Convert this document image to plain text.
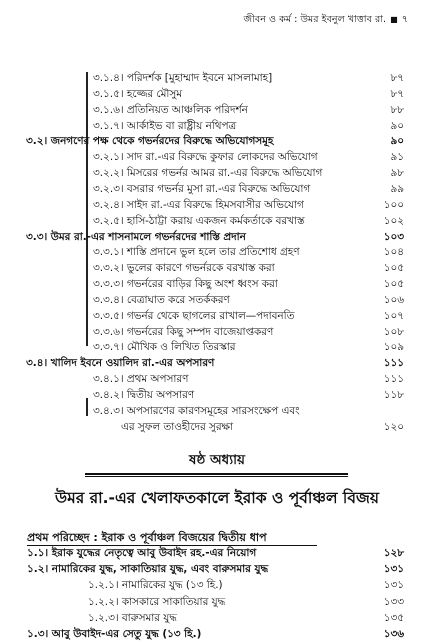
জীবন ও কর্ম : উমর ইবনুল খাত্তাব রা. ■ ৭
৩.১.৪। পরিদর্শক [মুহাম্মাদ ইবনে মাসলামাহ]	৮৭
৩.১.৫। হজ্জের মৌসুম	৮৭
৩.১.৬। প্রতিনিয়ত আঞ্চলিক পরিদর্শন	৮৮
৩.১.৭। আর্কাইভ বা রাষ্ট্রীয় নথিপত্র	৯০
৩.২। জনগণের পক্ষ থেকে গভর্নরদের বিরুদ্ধে অভিযোগসমূহ	৯০
৩.২.১। সাদ রা.-এর বিরুদ্ধে কুফার লোকদের অভিযোগ	৯১
৩.২.২। মিসরের গভর্নর আমর রা.-এর বিরুদ্ধে অভিযোগ	৯৮
৩.২.৩। বসরার গভর্নর মুসা রা.-এর বিরুদ্ধে অভিযোগ	৯৯
৩.২.৪। সাইদ রা.-এর বিরুদ্ধে হিমসবাসীর অভিযোগ	১০০
৩.২.৫। হাসি-ঠাট্টা করায় একজন কর্মকর্তাকে বরখাস্ত	১০২
৩.৩। উমর রা.-এর শাসনামলে গভর্নরদের শাস্তি প্রদান	১০৩
৩.৩.১। শাস্তি প্রদানে ভুল হলে তার প্রতিশোধ গ্রহণ	১০৪
৩.৩.২। ভুলের কারণে গভর্নরকে বরখাস্ত করা	১০৫
৩.৩.৩। গভর্নরের বাড়ির কিছু অংশ ধ্বংস করা	১০৫
৩.৩.৪। বেত্রাঘাত করে সতর্ককরণ	১০৬
৩.৩.৫। গভর্নর থেকে ছাগলের রাখাল—পদাবনতি	১০৭
৩.৩.৬। গভর্নরের কিছু সম্পদ বাজেয়াপ্তকরণ	১০৮
৩.৩.৭। মৌখিক ও লিখিত তিরস্কার	১০৯
৩.৪। খালিদ ইবনে ওয়ালিদ রা.-এর অপসারণ	১১১
৩.৪.১। প্রথম অপসারণ	১১১
৩.৪.২। দ্বিতীয় অপসারণ	১১৮
৩.৪.৩। অপসারণের কারণসমূহের সারসংক্ষেপ এবং
এর সুফল তাওহীদের সুরক্ষা	১২০
ষষ্ঠ অধ্যায়
উমর রা.-এর খেলাফতকালে ইরাক ও পূর্বাঞ্চল বিজয়
প্রথম পরিচ্ছেদ : ইরাক ও পূর্বাঞ্চল বিজয়ের দ্বিতীয় ধাপ
১.১। ইরাক যুদ্ধের নেতৃত্বে আবু উবাইদ রহ.-এর নিয়োগ	১২৮
১.২। নামারিকের যুদ্ধ, সাকাতিয়ার যুদ্ধ, এবং বারুসমার যুদ্ধ	১৩১
১.২.১। নামারিকের যুদ্ধ (১৩ হি.)	১৩১
১.২.২। কাসকারে সাকাতিয়ার যুদ্ধ	১৩৩
১.২.৩। বারুসমার যুদ্ধ	১৩৫
১.৩। আবু উবাইদ-এর সেতু যুদ্ধ (১৩ হি.)	১৩৬
